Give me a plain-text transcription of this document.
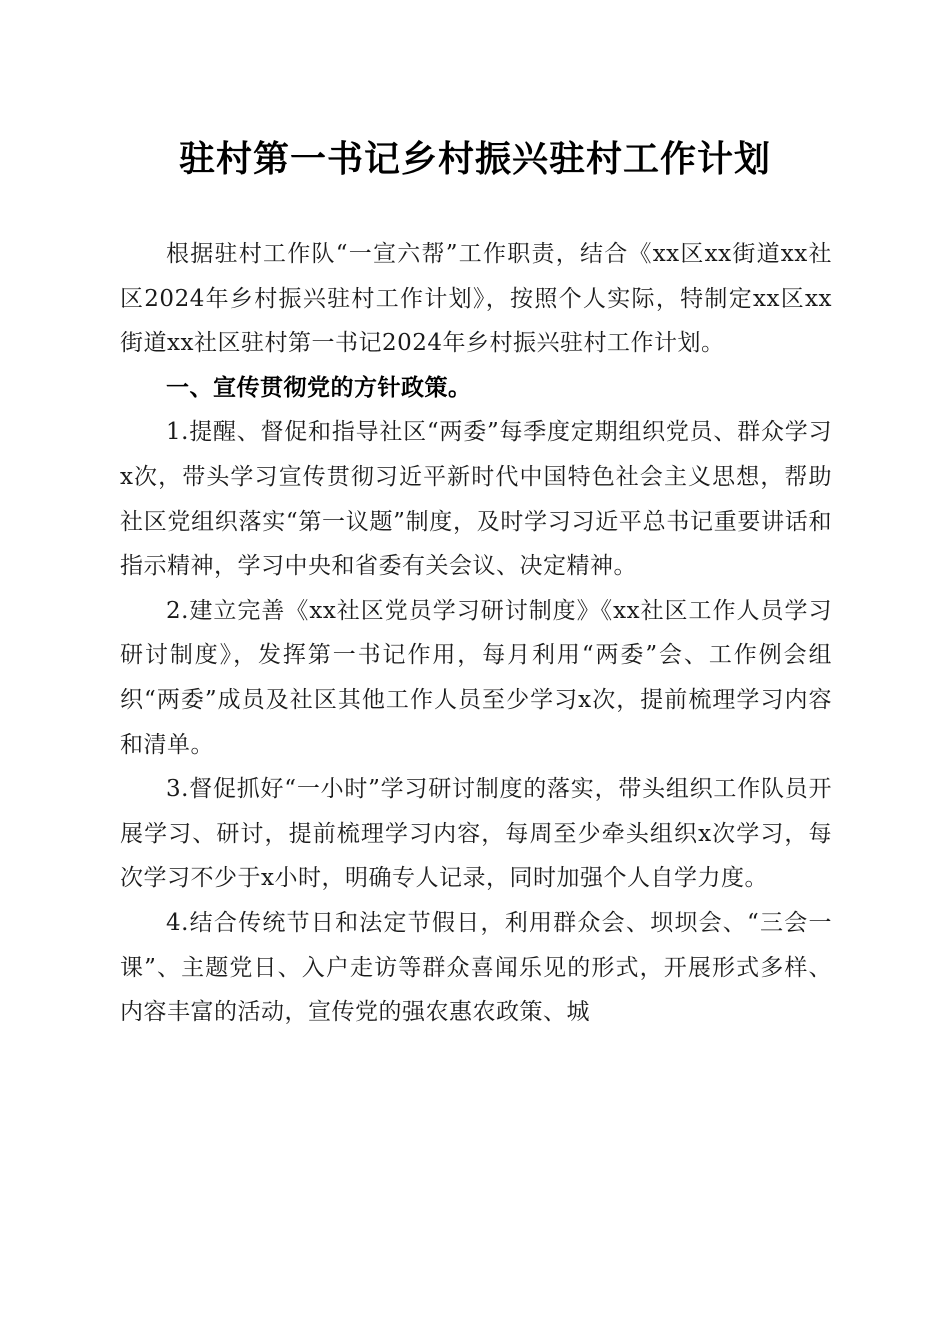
驻村第一书记乡村振兴驻村工作计划

根据驻村工作队“一宣六帮”工作职责，结合《xx区xx街道xx社区2024年乡村振兴驻村工作计划》，按照个人实际，特制定xx区xx街道xx社区驻村第一书记2024年乡村振兴驻村工作计划。

一、宣传贯彻党的方针政策。

1.提醒、督促和指导社区“两委”每季度定期组织党员、群众学习x次，带头学习宣传贯彻习近平新时代中国特色社会主义思想，帮助社区党组织落实“第一议题”制度，及时学习习近平总书记重要讲话和指示精神，学习中央和省委有关会议、决定精神。

2.建立完善《xx社区党员学习研讨制度》《xx社区工作人员学习研讨制度》，发挥第一书记作用，每月利用“两委”会、工作例会组织“两委”成员及社区其他工作人员至少学习x次，提前梳理学习内容和清单。

3.督促抓好“一小时”学习研讨制度的落实，带头组织工作队员开展学习、研讨，提前梳理学习内容，每周至少牵头组织x次学习，每次学习不少于x小时，明确专人记录，同时加强个人自学力度。

4.结合传统节日和法定节假日，利用群众会、坝坝会、“三会一课”、主题党日、入户走访等群众喜闻乐见的形式，开展形式多样、内容丰富的活动，宣传党的强农惠农政策、城
